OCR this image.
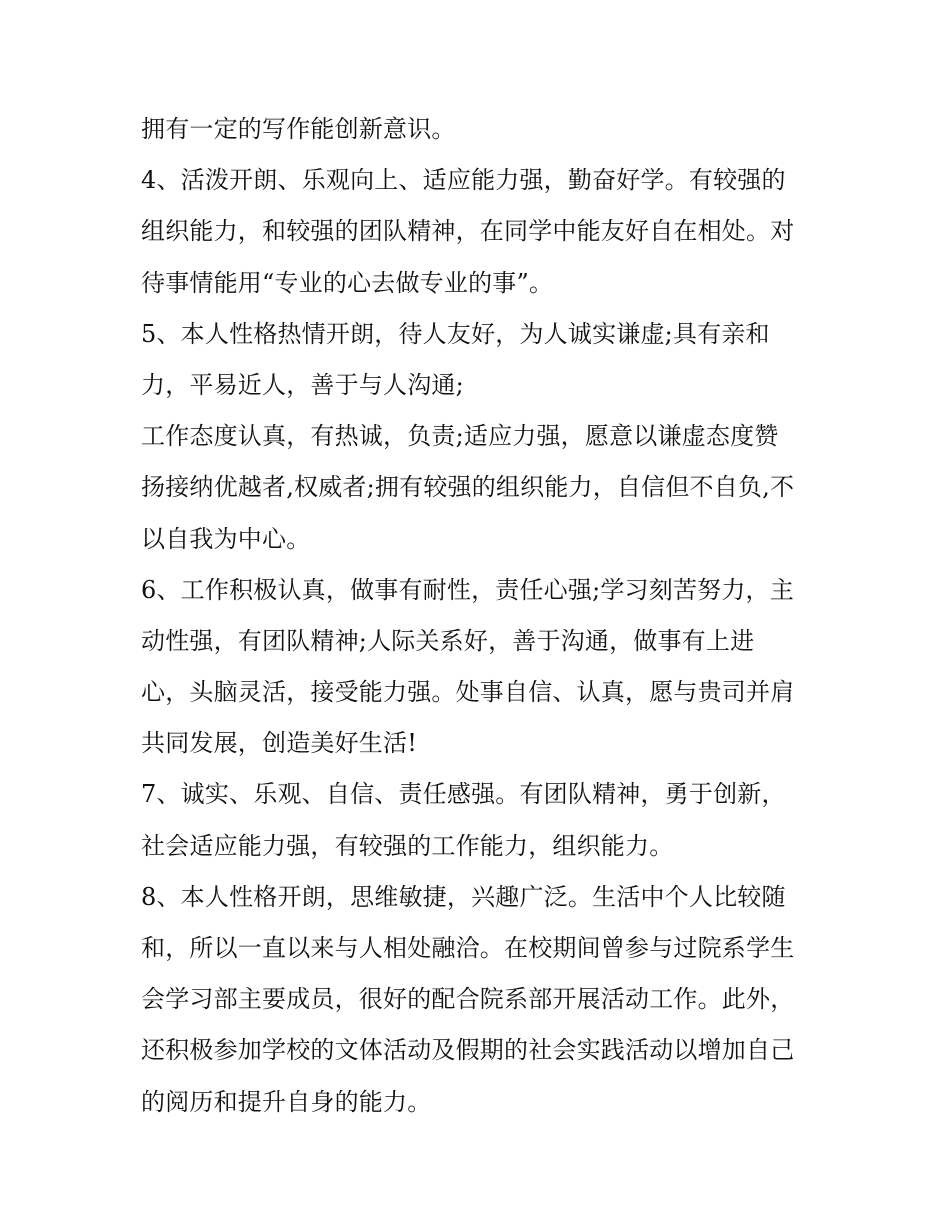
拥有一定的写作能创新意识。
4、活泼开朗、乐观向上、适应能力强，勤奋好学。有较强的
组织能力，和较强的团队精神，在同学中能友好自在相处。对
待事情能用“专业的心去做专业的事”。
5、本人性格热情开朗，待人友好，为人诚实谦虚;具有亲和
力，平易近人，善于与人沟通;
工作态度认真，有热诚，负责;适应力强，愿意以谦虚态度赞
扬接纳优越者,权威者;拥有较强的组织能力，自信但不自负,不
以自我为中心。
6、工作积极认真，做事有耐性，责任心强;学习刻苦努力，主
动性强，有团队精神;人际关系好，善于沟通，做事有上进
心，头脑灵活，接受能力强。处事自信、认真，愿与贵司并肩
共同发展，创造美好生活!
7、诚实、乐观、自信、责任感强。有团队精神，勇于创新，
社会适应能力强，有较强的工作能力，组织能力。
8、本人性格开朗，思维敏捷，兴趣广泛。生活中个人比较随
和，所以一直以来与人相处融洽。在校期间曾参与过院系学生
会学习部主要成员，很好的配合院系部开展活动工作。此外，
还积极参加学校的文体活动及假期的社会实践活动以增加自己
的阅历和提升自身的能力。
